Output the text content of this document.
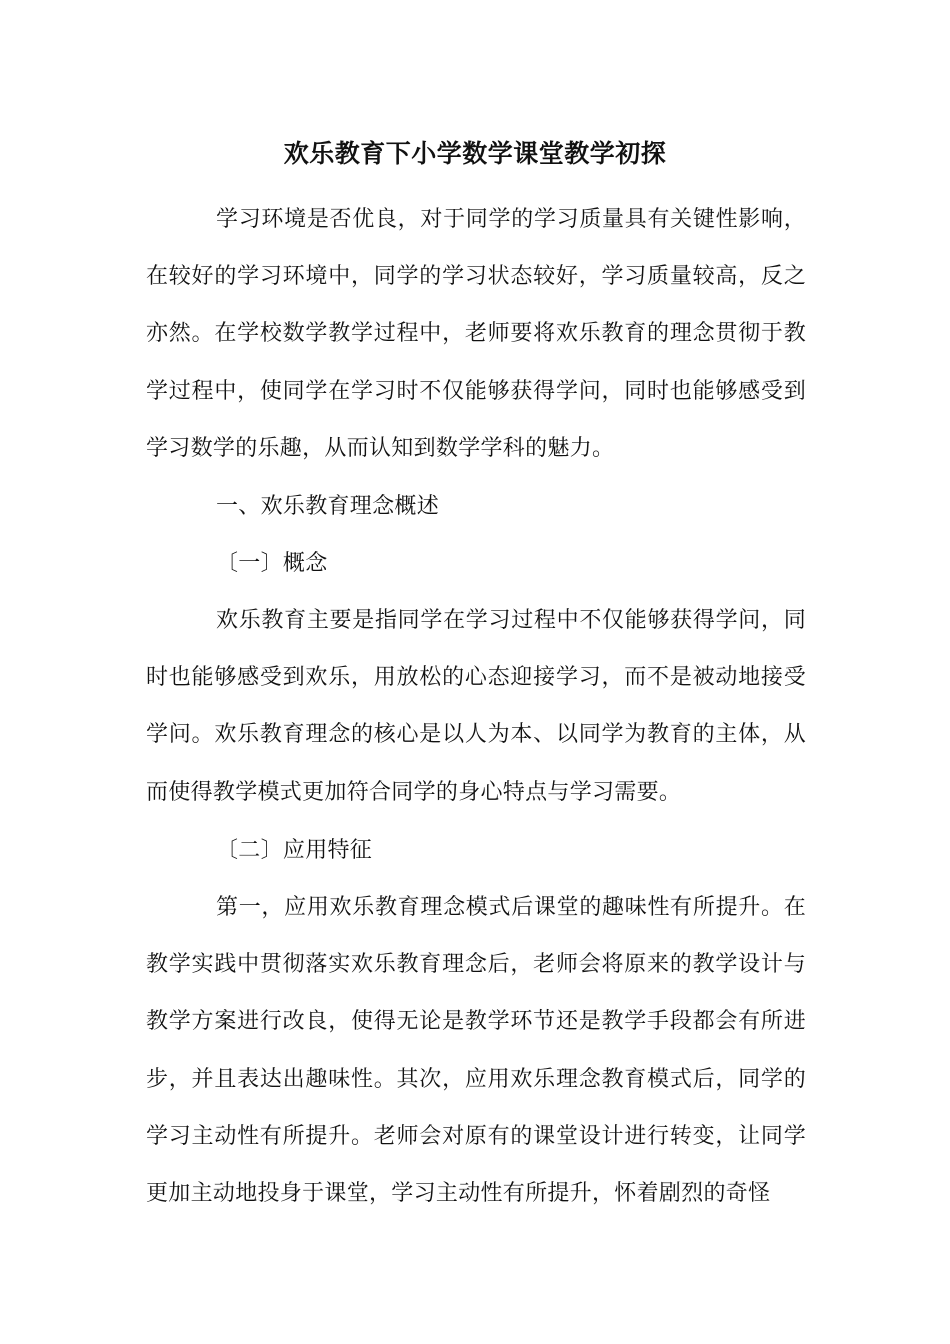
欢乐教育下小学数学课堂教学初探

学习环境是否优良，对于同学的学习质量具有关键性影响，在较好的学习环境中，同学的学习状态较好，学习质量较高，反之亦然。在学校数学教学过程中，老师要将欢乐教育的理念贯彻于教学过程中，使同学在学习时不仅能够获得学问，同时也能够感受到学习数学的乐趣，从而认知到数学学科的魅力。

一、欢乐教育理念概述
〔一〕概念

欢乐教育主要是指同学在学习过程中不仅能够获得学问，同时也能够感受到欢乐，用放松的心态迎接学习，而不是被动地接受学问。欢乐教育理念的核心是以人为本、以同学为教育的主体，从而使得教学模式更加符合同学的身心特点与学习需要。

〔二〕应用特征

第一，应用欢乐教育理念模式后课堂的趣味性有所提升。在教学实践中贯彻落实欢乐教育理念后，老师会将原来的教学设计与教学方案进行改良，使得无论是教学环节还是教学手段都会有所进步，并且表达出趣味性。其次，应用欢乐理念教育模式后，同学的学习主动性有所提升。老师会对原有的课堂设计进行转变，让同学更加主动地投身于课堂，学习主动性有所提升，怀着剧烈的奇怪
